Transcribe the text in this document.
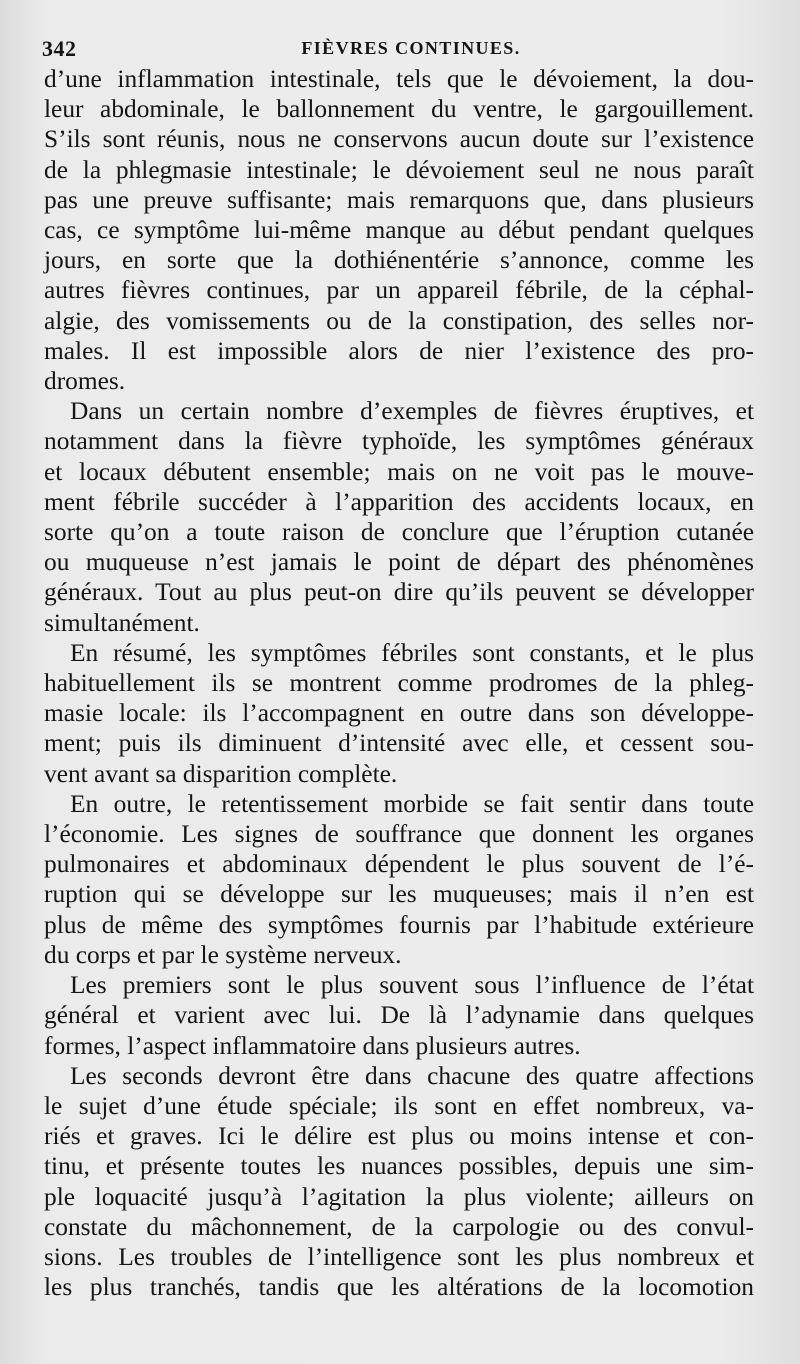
342	FIÈVRES CONTINUES.
d’une inflammation intestinale, tels que le dévoiement, la dou-
leur abdominale, le ballonnement du ventre, le gargouillement.
S’ils sont réunis, nous ne conservons aucun doute sur l’existence
de la phlegmasie intestinale; le dévoiement seul ne nous paraît
pas une preuve suffisante; mais remarquons que, dans plusieurs
cas, ce symptôme lui-même manque au début pendant quelques
jours, en sorte que la dothiénentérie s’annonce, comme les
autres fièvres continues, par un appareil fébrile, de la céphal-
algie, des vomissements ou de la constipation, des selles nor-
males. Il est impossible alors de nier l’existence des pro-
dromes.
Dans un certain nombre d’exemples de fièvres éruptives, et
notamment dans la fièvre typhoïde, les symptômes généraux
et locaux débutent ensemble; mais on ne voit pas le mouve-
ment fébrile succéder à l’apparition des accidents locaux, en
sorte qu’on a toute raison de conclure que l’éruption cutanée
ou muqueuse n’est jamais le point de départ des phénomènes
généraux. Tout au plus peut-on dire qu’ils peuvent se développer
simultanément.
En résumé, les symptômes fébriles sont constants, et le plus
habituellement ils se montrent comme prodromes de la phleg-
masie locale: ils l’accompagnent en outre dans son développe-
ment; puis ils diminuent d’intensité avec elle, et cessent sou-
vent avant sa disparition complète.
En outre, le retentissement morbide se fait sentir dans toute
l’économie. Les signes de souffrance que donnent les organes
pulmonaires et abdominaux dépendent le plus souvent de l’é-
ruption qui se développe sur les muqueuses; mais il n’en est
plus de même des symptômes fournis par l’habitude extérieure
du corps et par le système nerveux.
Les premiers sont le plus souvent sous l’influence de l’état
général et varient avec lui. De là l’adynamie dans quelques
formes, l’aspect inflammatoire dans plusieurs autres.
Les seconds devront être dans chacune des quatre affections
le sujet d’une étude spéciale; ils sont en effet nombreux, va-
riés et graves. Ici le délire est plus ou moins intense et con-
tinu, et présente toutes les nuances possibles, depuis une sim-
ple loquacité jusqu’à l’agitation la plus violente; ailleurs on
constate du mâchonnement, de la carpologie ou des convul-
sions. Les troubles de l’intelligence sont les plus nombreux et
les plus tranchés, tandis que les altérations de la locomotion
